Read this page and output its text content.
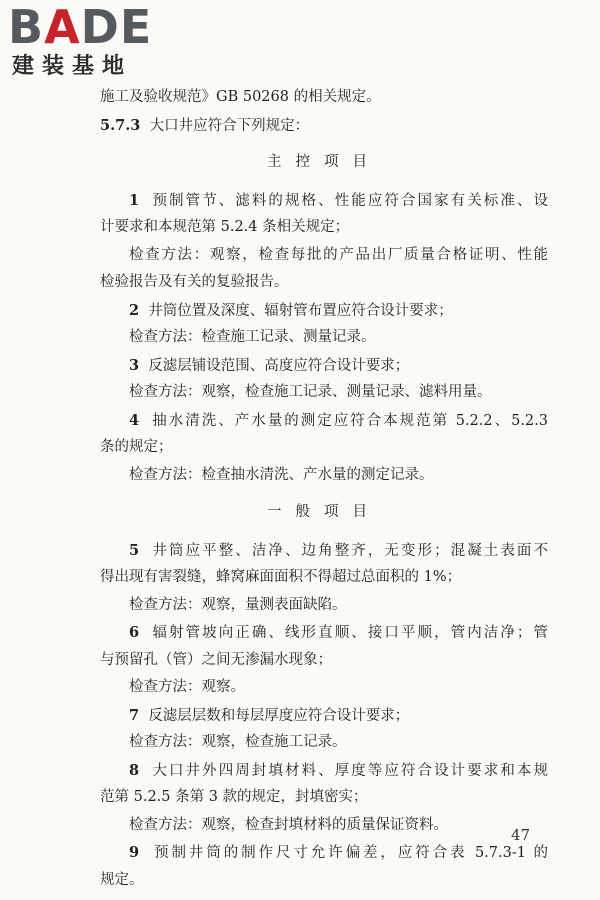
BADE
建装基地
施工及验收规范》GB 50268 的相关规定。
5.7.3 大口井应符合下列规定：
主控项目
1 预制管节、滤料的规格、性能应符合国家有关标准、设
计要求和本规范第 5.2.4 条相关规定；
检查方法：观察，检查每批的产品出厂质量合格证明、性能
检验报告及有关的复验报告。
2 井筒位置及深度、辐射管布置应符合设计要求；
检查方法：检查施工记录、测量记录。
3 反滤层铺设范围、高度应符合设计要求；
检查方法：观察，检查施工记录、测量记录、滤料用量。
4 抽水清洗、产水量的测定应符合本规范第 5.2.2、5.2.3
条的规定；
检查方法：检查抽水清洗、产水量的测定记录。
一般项目
5 井筒应平整、洁净、边角整齐，无变形；混凝土表面不
得出现有害裂缝，蜂窝麻面面积不得超过总面积的 1%；
检查方法：观察，量测表面缺陷。
6 辐射管坡向正确、线形直顺、接口平顺，管内洁净；管
与预留孔（管）之间无渗漏水现象；
检查方法：观察。
7 反滤层层数和每层厚度应符合设计要求；
检查方法：观察，检查施工记录。
8 大口井外四周封填材料、厚度等应符合设计要求和本规
范第 5.2.5 条第 3 款的规定，封填密实；
检查方法：观察，检查封填材料的质量保证资料。
9 预制井筒的制作尺寸允许偏差，应符合表 5.7.3-1 的
规定。
47
